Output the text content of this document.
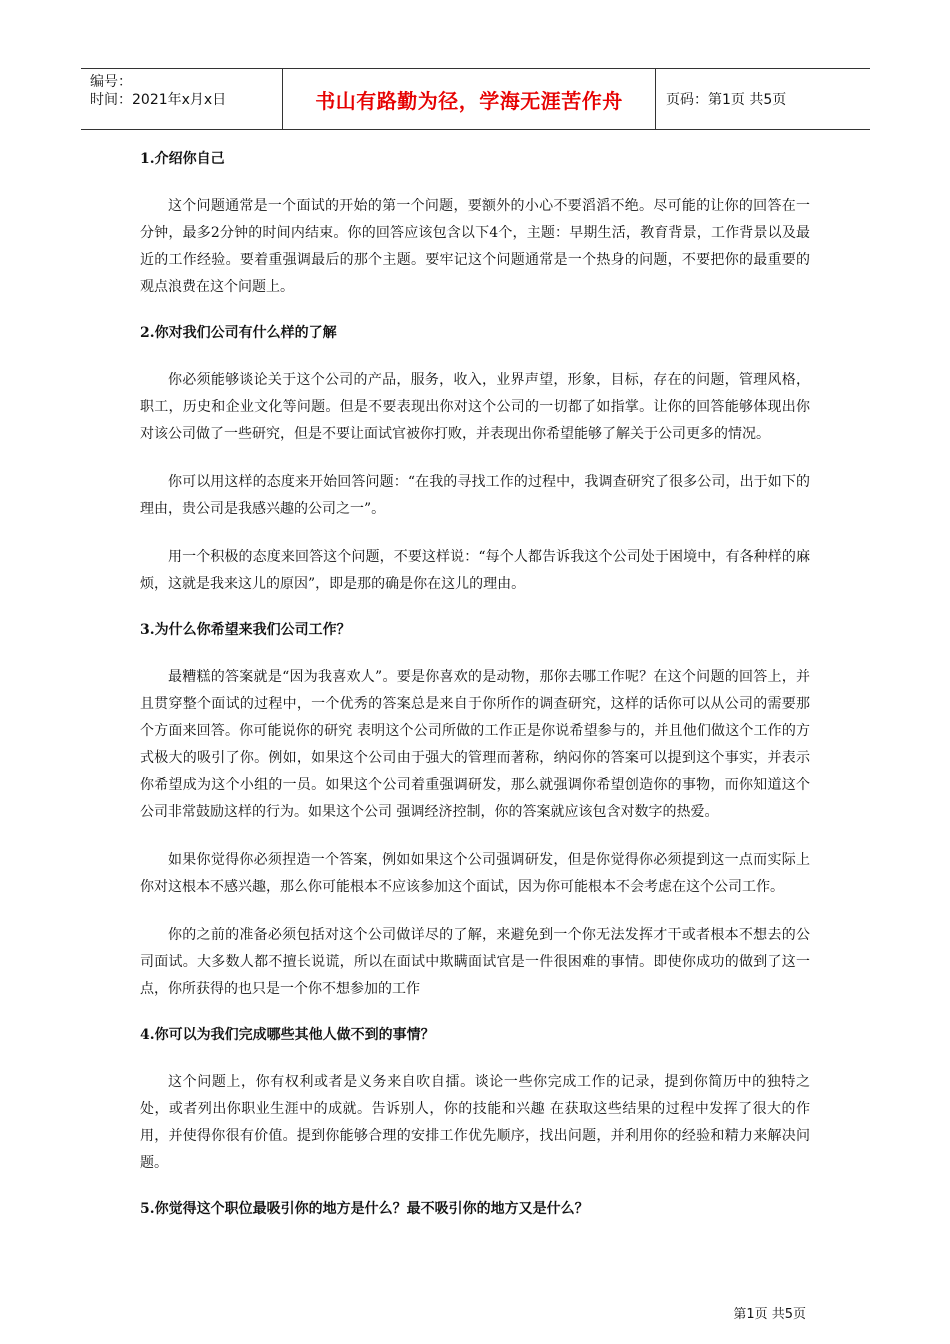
编号：
时间：2021年x月x日	书山有路勤为径，学海无涯苦作舟	页码：第1页 共5页
1.介绍你自己

这个问题通常是一个面试的开始的第一个问题，要额外的小心不要滔滔不绝。尽可能的让你的回答在一分钟，最多2分钟的时间内结束。你的回答应该包含以下4个，主题：早期生活，教育背景，工作背景以及最近的工作经验。要着重强调最后的那个主题。要牢记这个问题通常是一个热身的问题，不要把你的最重要的观点浪费在这个问题上。

2.你对我们公司有什么样的了解

你必须能够谈论关于这个公司的产品，服务，收入，业界声望，形象，目标，存在的问题，管理风格，职工，历史和企业文化等问题。但是不要表现出你对这个公司的一切都了如指掌。让你的回答能够体现出你对该公司做了一些研究，但是不要让面试官被你打败，并表现出你希望能够了解关于公司更多的情况。

你可以用这样的态度来开始回答问题：“在我的寻找工作的过程中，我调查研究了很多公司，出于如下的理由，贵公司是我感兴趣的公司之一”。

用一个积极的态度来回答这个问题，不要这样说：“每个人都告诉我这个公司处于困境中，有各种样的麻烦，这就是我来这儿的原因”，即是那的确是你在这儿的理由。

3.为什么你希望来我们公司工作？

最糟糕的答案就是“因为我喜欢人”。要是你喜欢的是动物，那你去哪工作呢？在这个问题的回答上，并且贯穿整个面试的过程中，一个优秀的答案总是来自于你所作的调查研究，这样的话你可以从公司的需要那个方面来回答。你可能说你的研究 表明这个公司所做的工作正是你说希望参与的，并且他们做这个工作的方式极大的吸引了你。例如，如果这个公司由于强大的管理而著称，纳闷你的答案可以提到这个事实，并表示你希望成为这个小组的一员。如果这个公司着重强调研发，那么就强调你希望创造你的事物，而你知道这个公司非常鼓励这样的行为。如果这个公司 强调经济控制，你的答案就应该包含对数字的热爱。

如果你觉得你必须捏造一个答案，例如如果这个公司强调研发，但是你觉得你必须提到这一点而实际上你对这根本不感兴趣，那么你可能根本不应该参加这个面试，因为你可能根本不会考虑在这个公司工作。

你的之前的准备必须包括对这个公司做详尽的了解，来避免到一个你无法发挥才干或者根本不想去的公司面试。大多数人都不擅长说谎，所以在面试中欺瞒面试官是一件很困难的事情。即使你成功的做到了这一点，你所获得的也只是一个你不想参加的工作

4.你可以为我们完成哪些其他人做不到的事情？

这个问题上，你有权利或者是义务来自吹自擂。谈论一些你完成工作的记录，提到你简历中的独特之处，或者列出你职业生涯中的成就。告诉别人，你的技能和兴趣 在获取这些结果的过程中发挥了很大的作用，并使得你很有价值。提到你能够合理的安排工作优先顺序，找出问题，并利用你的经验和精力来解决问题。

5.你觉得这个职位最吸引你的地方是什么？最不吸引你的地方又是什么？
第1页 共5页
